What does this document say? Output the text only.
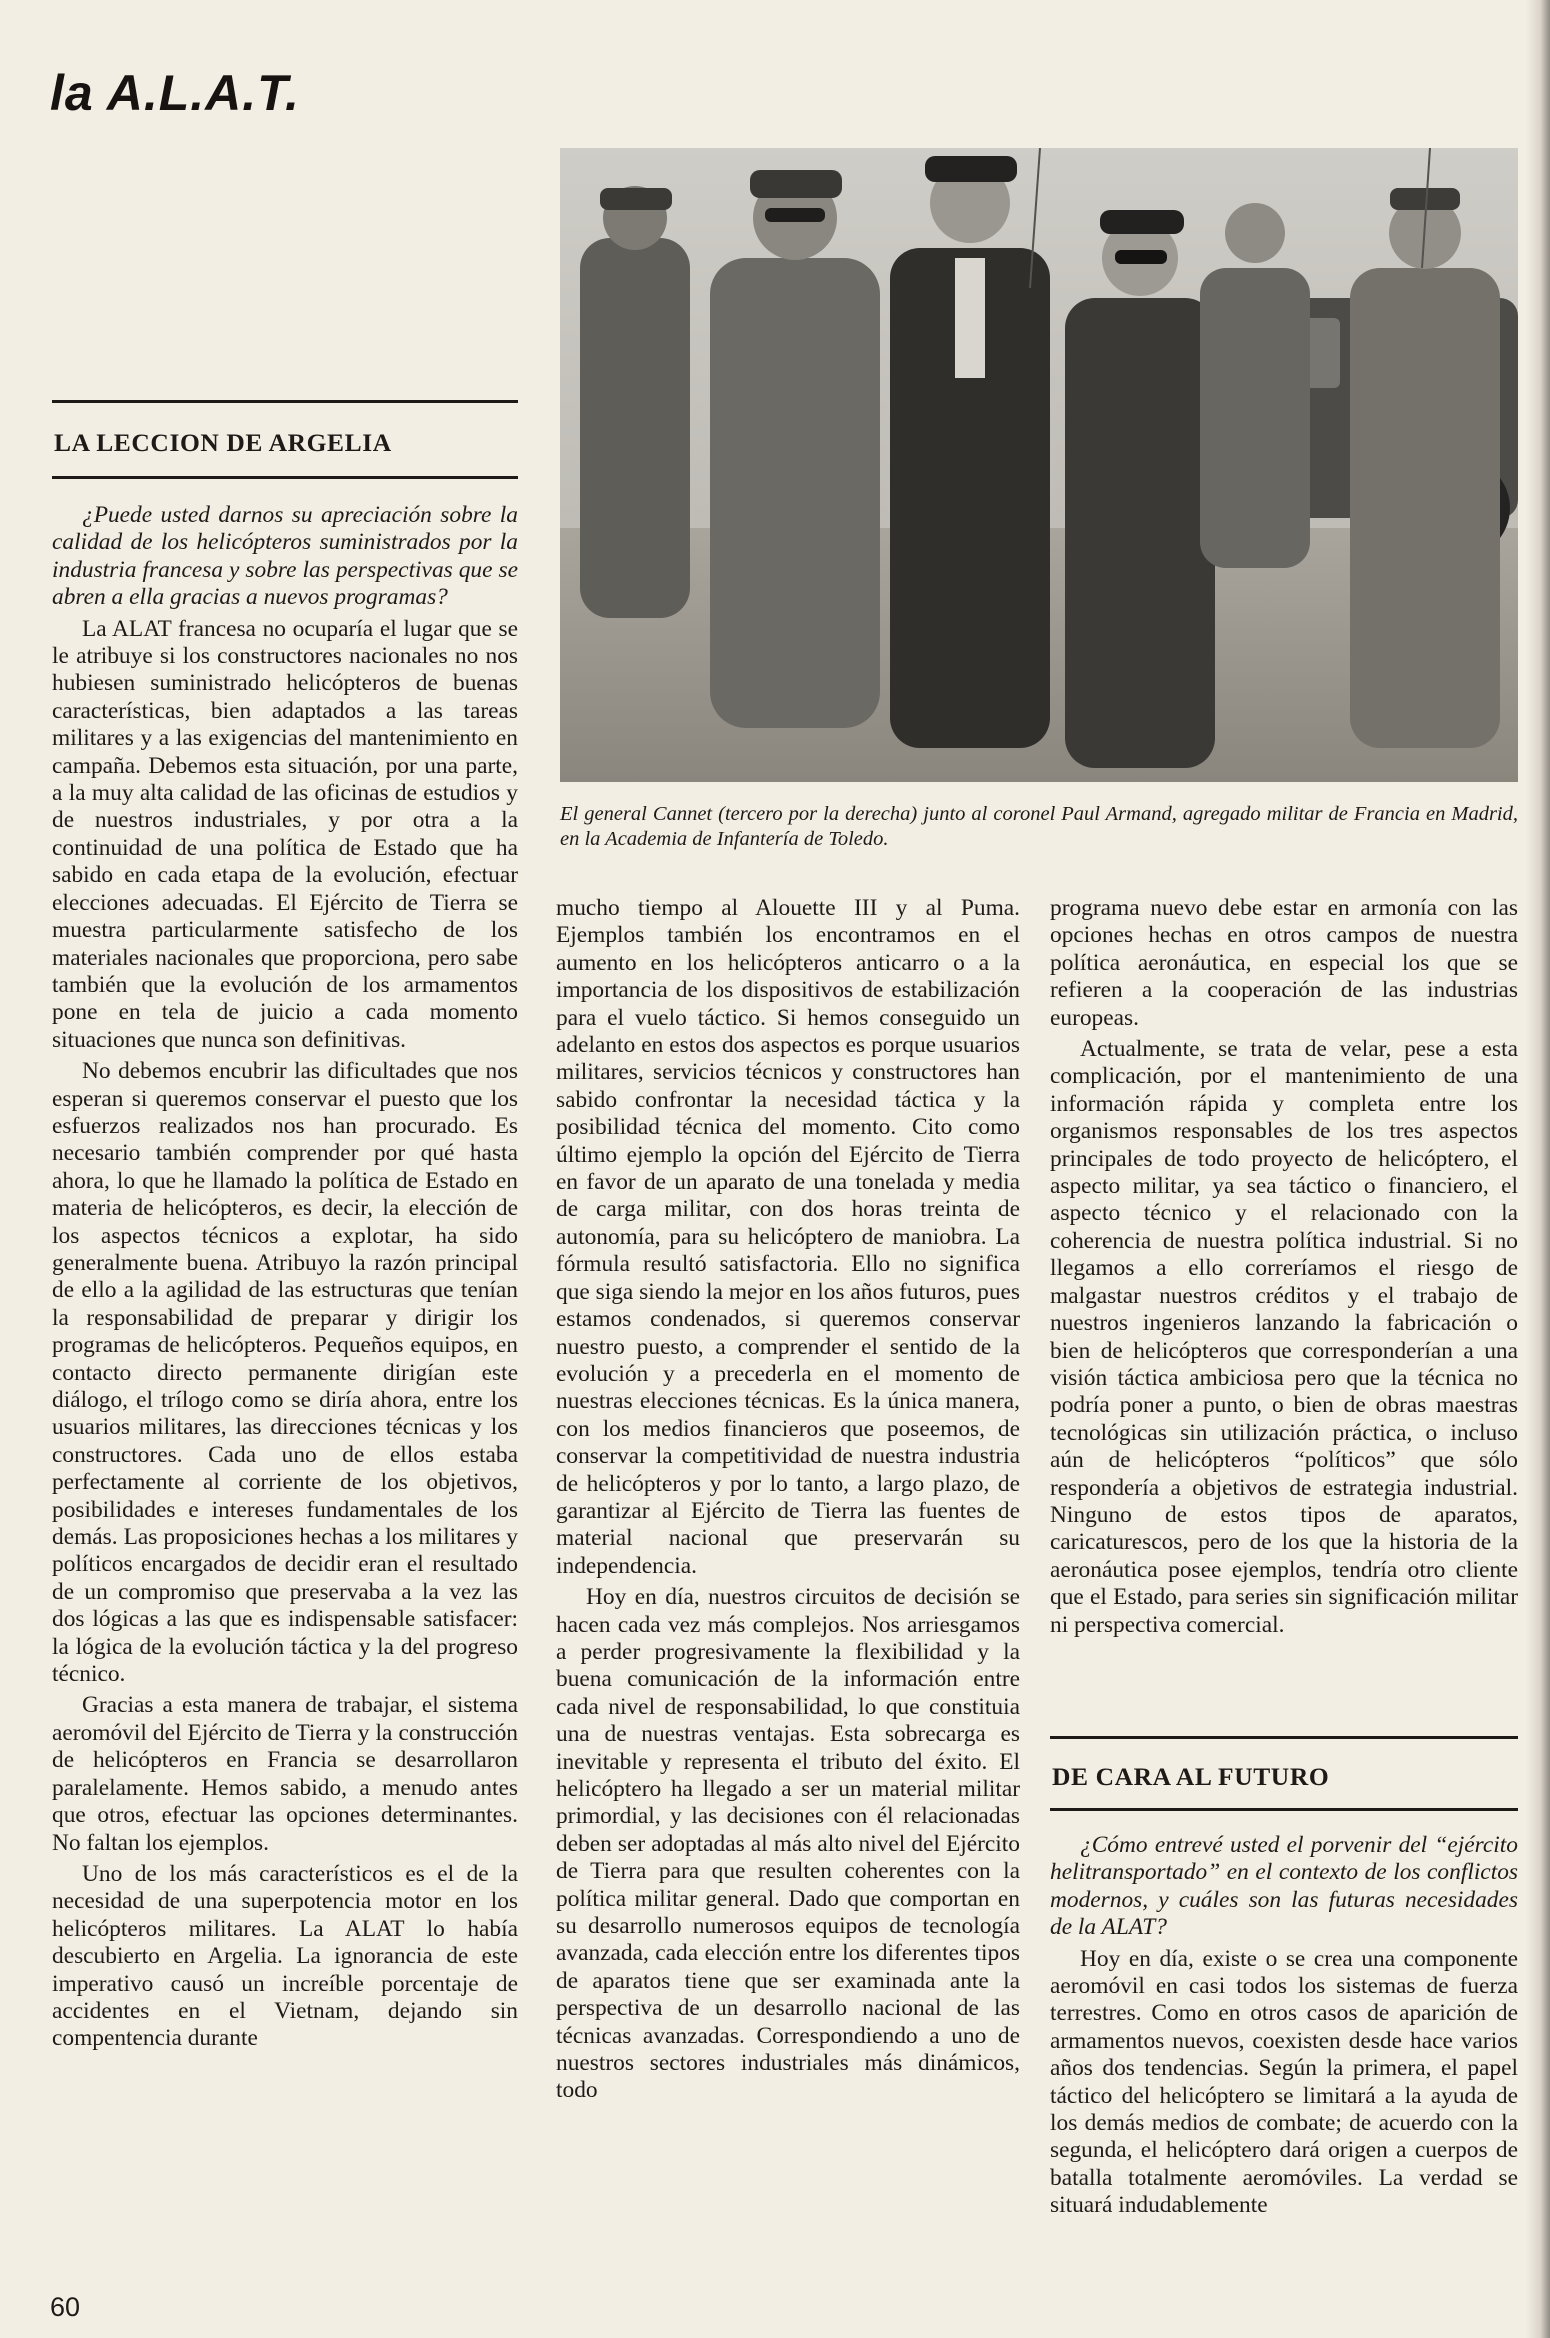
la A.L.A.T.
El general Cannet (tercero por la derecha) junto al coronel Paul Armand, agregado militar de Francia en Madrid, en la Academia de Infantería de Toledo.
LA LECCION DE ARGELIA

¿Puede usted darnos su apreciación sobre la calidad de los helicópteros suministrados por la industria francesa y sobre las perspectivas que se abren a ella gracias a nuevos programas?

La ALAT francesa no ocuparía el lugar que se le atribuye si los constructores nacionales no nos hubiesen suministrado helicópteros de buenas características, bien adaptados a las tareas militares y a las exigencias del mantenimiento en campaña. Debemos esta situación, por una parte, a la muy alta calidad de las oficinas de estudios y de nuestros industriales, y por otra a la continuidad de una política de Estado que ha sabido en cada etapa de la evolución, efectuar elecciones adecuadas. El Ejército de Tierra se muestra particularmente satisfecho de los materiales nacionales que proporciona, pero sabe también que la evolución de los armamentos pone en tela de juicio a cada momento situaciones que nunca son definitivas.

No debemos encubrir las dificultades que nos esperan si queremos conservar el puesto que los esfuerzos realizados nos han procurado. Es necesario también comprender por qué hasta ahora, lo que he llamado la política de Estado en materia de helicópteros, es decir, la elección de los aspectos técnicos a explotar, ha sido generalmente buena. Atribuyo la razón principal de ello a la agilidad de las estructuras que tenían la responsabilidad de preparar y dirigir los programas de helicópteros. Pequeños equipos, en contacto directo permanente dirigían este diálogo, el trílogo como se diría ahora, entre los usuarios militares, las direcciones técnicas y los constructores. Cada uno de ellos estaba perfectamente al corriente de los objetivos, posibilidades e intereses fundamentales de los demás. Las proposiciones hechas a los militares y políticos encargados de decidir eran el resultado de un compromiso que preservaba a la vez las dos lógicas a las que es indispensable satisfacer: la lógica de la evolución táctica y la del progreso técnico.

Gracias a esta manera de trabajar, el sistema aeromóvil del Ejército de Tierra y la construcción de helicópteros en Francia se desarrollaron paralelamente. Hemos sabido, a menudo antes que otros, efectuar las opciones determinantes. No faltan los ejemplos.

Uno de los más característicos es el de la necesidad de una superpotencia motor en los helicópteros militares. La ALAT lo había descubierto en Argelia. La ignorancia de este imperativo causó un increíble porcentaje de accidentes en el Vietnam, dejando sin compentencia durante

mucho tiempo al Alouette III y al Puma. Ejemplos también los encontramos en el aumento en los helicópteros anticarro o a la importancia de los dispositivos de estabilización para el vuelo táctico. Si hemos conseguido un adelanto en estos dos aspectos es porque usuarios militares, servicios técnicos y constructores han sabido confrontar la necesidad táctica y la posibilidad técnica del momento. Cito como último ejemplo la opción del Ejército de Tierra en favor de un aparato de una tonelada y media de carga militar, con dos horas treinta de autonomía, para su helicóptero de maniobra. La fórmula resultó satisfactoria. Ello no significa que siga siendo la mejor en los años futuros, pues estamos condenados, si queremos conservar nuestro puesto, a comprender el sentido de la evolución y a precederla en el momento de nuestras elecciones técnicas. Es la única manera, con los medios financieros que poseemos, de conservar la competitividad de nuestra industria de helicópteros y por lo tanto, a largo plazo, de garantizar al Ejército de Tierra las fuentes de material nacional que preservarán su independencia.

Hoy en día, nuestros circuitos de decisión se hacen cada vez más complejos. Nos arriesgamos a perder progresivamente la flexibilidad y la buena comunicación de la información entre cada nivel de responsabilidad, lo que constituia una de nuestras ventajas. Esta sobrecarga es inevitable y representa el tributo del éxito. El helicóptero ha llegado a ser un material militar primordial, y las decisiones con él relacionadas deben ser adoptadas al más alto nivel del Ejército de Tierra para que resulten coherentes con la política militar general. Dado que comportan en su desarrollo numerosos equipos de tecnología avanzada, cada elección entre los diferentes tipos de aparatos tiene que ser examinada ante la perspectiva de un desarrollo nacional de las técnicas avanzadas. Correspondiendo a uno de nuestros sectores industriales más dinámicos, todo

programa nuevo debe estar en armonía con las opciones hechas en otros campos de nuestra política aeronáutica, en especial los que se refieren a la cooperación de las industrias europeas.

Actualmente, se trata de velar, pese a esta complicación, por el mantenimiento de una información rápida y completa entre los organismos responsables de los tres aspectos principales de todo proyecto de helicóptero, el aspecto militar, ya sea táctico o financiero, el aspecto técnico y el relacionado con la coherencia de nuestra política industrial. Si no llegamos a ello correríamos el riesgo de malgastar nuestros créditos y el trabajo de nuestros ingenieros lanzando la fabricación o bien de helicópteros que corresponderían a una visión táctica ambiciosa pero que la técnica no podría poner a punto, o bien de obras maestras tecnológicas sin utilización práctica, o incluso aún de helicópteros “políticos” que sólo respondería a objetivos de estrategia industrial. Ninguno de estos tipos de aparatos, caricaturescos, pero de los que la historia de la aeronáutica posee ejemplos, tendría otro cliente que el Estado, para series sin significación militar ni perspectiva comercial.

DE CARA AL FUTURO

¿Cómo entrevé usted el porvenir del “ejército helitransportado” en el contexto de los conflictos modernos, y cuáles son las futuras necesidades de la ALAT?

Hoy en día, existe o se crea una componente aeromóvil en casi todos los sistemas de fuerza terrestres. Como en otros casos de aparición de armamentos nuevos, coexisten desde hace varios años dos tendencias. Según la primera, el papel táctico del helicóptero se limitará a la ayuda de los demás medios de combate; de acuerdo con la segunda, el helicóptero dará origen a cuerpos de batalla totalmente aeromóviles. La verdad se situará indudablemente

60
